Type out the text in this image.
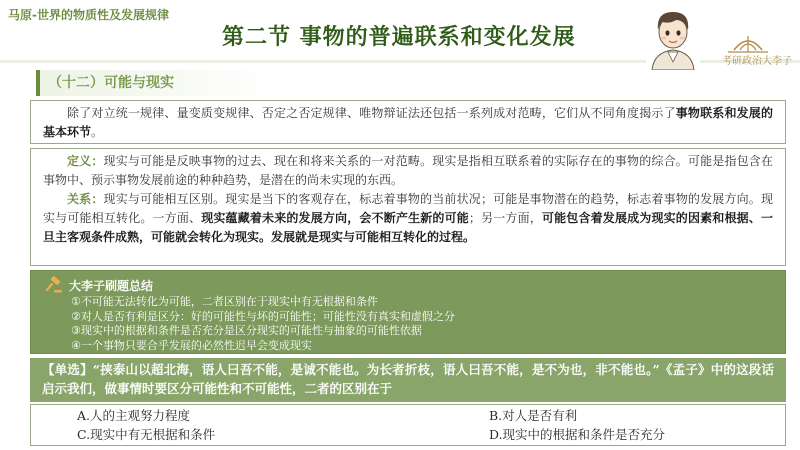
马原-世界的物质性及发展规律
第二节 事物的普遍联系和变化发展
考研政治大李子
（十二）可能与现实

除了对立统一规律、量变质变规律、否定之否定规律、唯物辩证法还包括一系列成对范畴，它们从不同角度揭示了事物联系和发展的基本环节。

定义：现实与可能是反映事物的过去、现在和将来关系的一对范畴。现实是指相互联系着的实际存在的事物的综合。可能是指包含在事物中、预示事物发展前途的种种趋势，是潜在的尚未实现的东西。

关系：现实与可能相互区别。现实是当下的客观存在，标志着事物的当前状况；可能是事物潜在的趋势，标志着事物的发展方向。现实与可能相互转化。一方面、现实蕴藏着未来的发展方向，会不断产生新的可能；另一方面，可能包含着发展成为现实的因素和根据、一旦主客观条件成熟，可能就会转化为现实。发展就是现实与可能相互转化的过程。

大李子刷题总结
①不可能无法转化为可能，二者区别在于现实中有无根据和条件
②对人是否有利是区分：好的可能性与坏的可能性；可能性没有真实和虚假之分
③现实中的根据和条件是否充分是区分现实的可能性与抽象的可能性依据
④一个事物只要合乎发展的必然性迟早会变成现实
【单选】“挟泰山以超北海，语人曰吾不能，是诚不能也。为长者折枝，语人曰吾不能，是不为也，非不能也。”《孟子》中的这段话启示我们，做事情时要区分可能性和不可能性，二者的区别在于
A.人的主观努力程度	B.对人是否有利
C.现实中有无根据和条件	D.现实中的根据和条件是否充分
